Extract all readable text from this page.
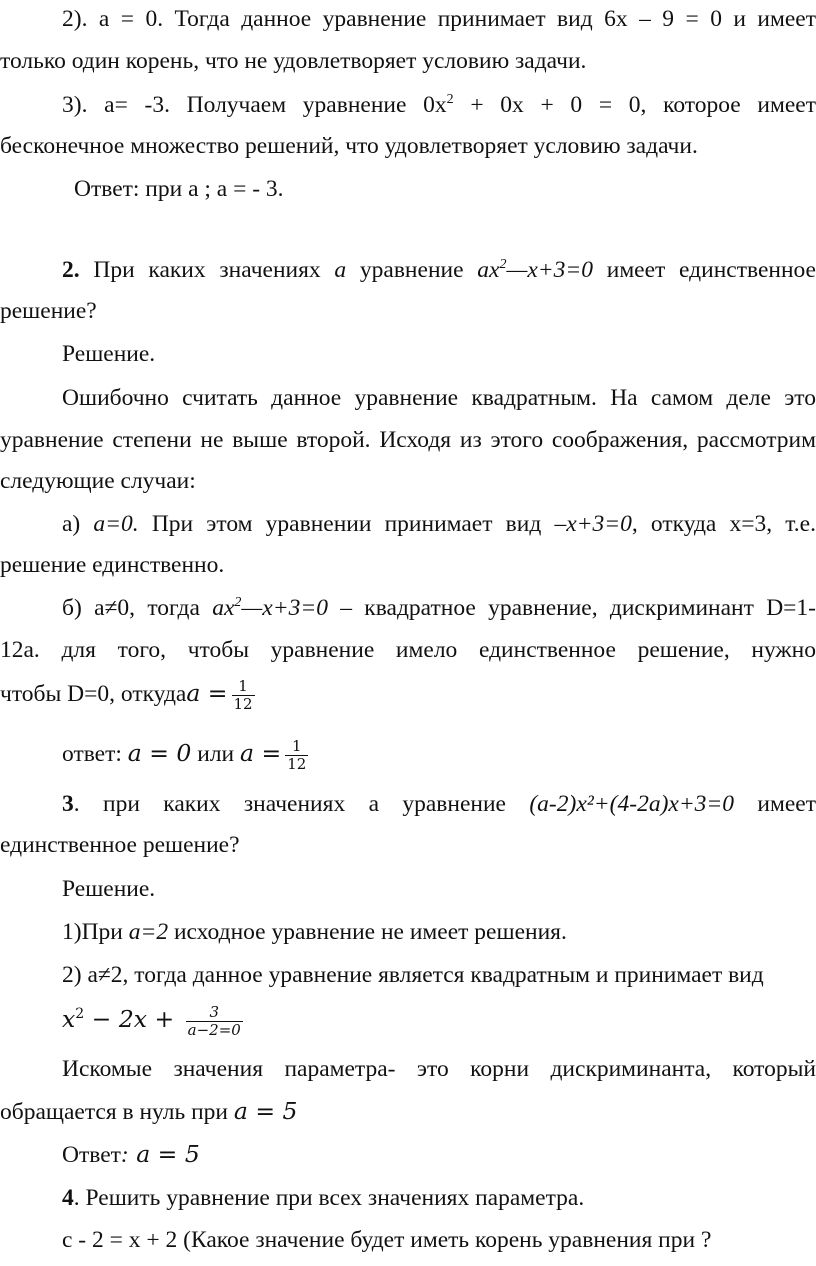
2). а = 0. Тогда данное уравнение принимает вид 6х – 9 = 0 и имеет
только один корень, что не удовлетворяет условию задачи.
3). а= -3. Получаем уравнение $0х^2 + 0х + 0 = 0$, которое имеет
бесконечное множество решений, что удовлетворяет условию задачи.
Ответ: при а ; а = - 3.
2. При каких значениях а уравнение $ах^2—х+3=0$ имеет единственное
решение?
Решение.
Ошибочно считать данное уравнение квадратным. На самом деле это
уравнение степени не выше второй. Исходя из этого соображения, рассмотрим
следующие случаи:
а) а=0. При этом уравнении принимает вид –х+3=0, откуда х=3, т.е.
решение единственно.
б) а≠0, тогда $ах^2—х+3=0$ – квадратное уравнение, дискриминант D=1-
12а. для того, чтобы уравнение имело единственное решение, нужно
чтобы D=0, откудаa = $\frac{1}{12}$
ответ: a = 0 или $a = \frac{1}{12}$
3. при каких значениях а уравнение (а-2)х²+(4-2а)х+3=0 имеет
единственное решение?
Решение.
1)При а=2 исходное уравнение не имеет решения.
2) а≠2, тогда данное уравнение является квадратным и принимает вид
$x^2 - 2x + \frac{3}{a-2=0}$
Искомые значения параметра- это корни дискриминанта, который
обращается в нуль при a = 5
Ответ: a = 5
4. Решить уравнение при всех значениях параметра.
с - 2 = х + 2 (Какое значение будет иметь корень уравнения при ?
